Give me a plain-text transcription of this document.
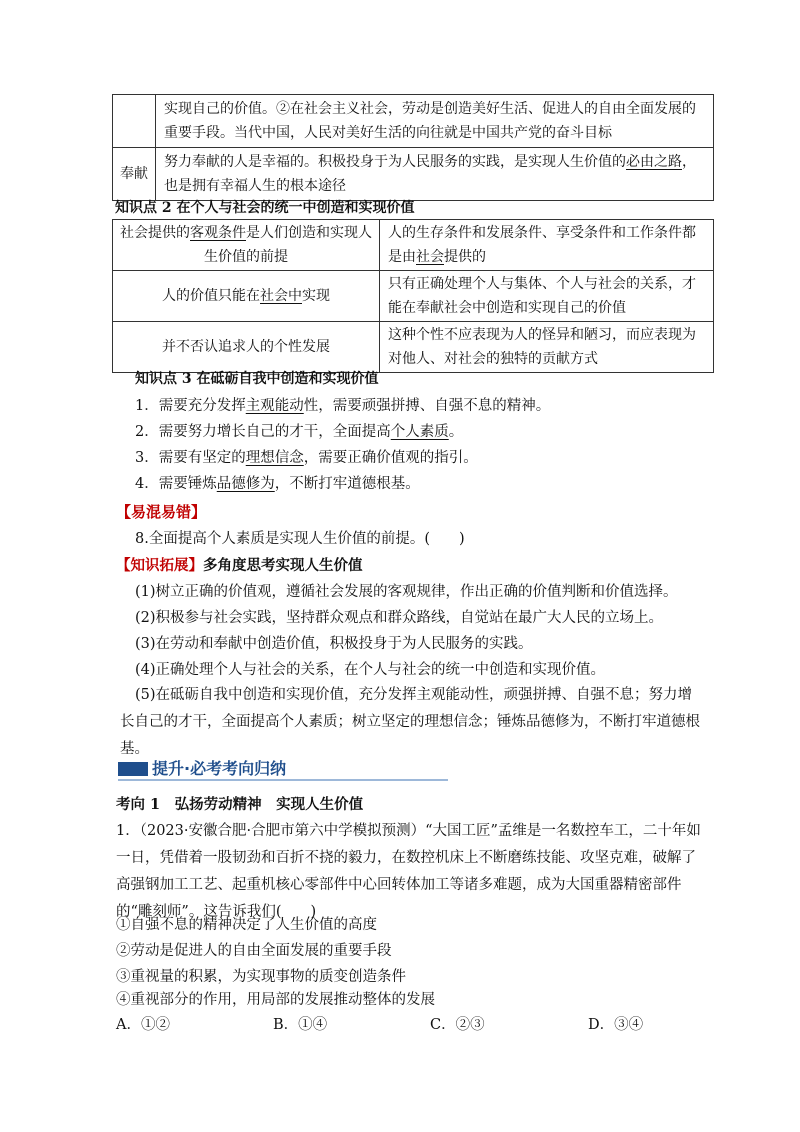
	实现自己的价值。②在社会主义社会，劳动是创造美好生活、促进人的自由全面发展的重要手段。当代中国，人民对美好生活的向往就是中国共产党的奋斗目标
奉献	努力奉献的人是幸福的。积极投身于为人民服务的实践，是实现人生价值的必由之路，也是拥有幸福人生的根本途径
知识点 2 在个人与社会的统一中创造和实现价值
社会提供的客观条件是人们创造和实现人生价值的前提	人的生存条件和发展条件、享受条件和工作条件都是由社会提供的
人的价值只能在社会中实现	只有正确处理个人与集体、个人与社会的关系，才能在奉献社会中创造和实现自己的价值
并不否认追求人的个性发展	这种个性不应表现为人的怪异和陋习，而应表现为对他人、对社会的独特的贡献方式
知识点 3 在砥砺自我中创造和实现价值
1．需要充分发挥主观能动性，需要顽强拼搏、自强不息的精神。
2．需要努力增长自己的才干，全面提高个人素质。
3．需要有坚定的理想信念，需要正确价值观的指引。
4．需要锤炼品德修为，不断打牢道德根基。
【易混易错】
8.全面提高个人素质是实现人生价值的前提。(　　)
【知识拓展】多角度思考实现人生价值
(1)树立正确的价值观，遵循社会发展的客观规律，作出正确的价值判断和价值选择。
(2)积极参与社会实践，坚持群众观点和群众路线，自觉站在最广大人民的立场上。
(3)在劳动和奉献中创造价值，积极投身于为人民服务的实践。
(4)正确处理个人与社会的关系，在个人与社会的统一中创造和实现价值。
(5)在砥砺自我中创造和实现价值，充分发挥主观能动性，顽强拼搏、自强不息；努力增长自己的才干，全面提高个人素质；树立坚定的理想信念；锤炼品德修为，不断打牢道德根基。
提升·必考考向归纳
考向 1　弘扬劳动精神　实现人生价值
1．（2023·安徽合肥·合肥市第六中学模拟预测）“大国工匠”孟维是一名数控车工，二十年如一日，凭借着一股韧劲和百折不挠的毅力，在数控机床上不断磨练技能、攻坚克难，破解了高强钢加工工艺、起重机核心零部件中心回转体加工等诸多难题，成为大国重器精密部件的“雕刻师”。这告诉我们(　　)
①自强不息的精神决定了人生价值的高度
②劳动是促进人的自由全面发展的重要手段
③重视量的积累，为实现事物的质变创造条件
④重视部分的作用，用局部的发展推动整体的发展
A．①②	B．①④	C．②③	D．③④
